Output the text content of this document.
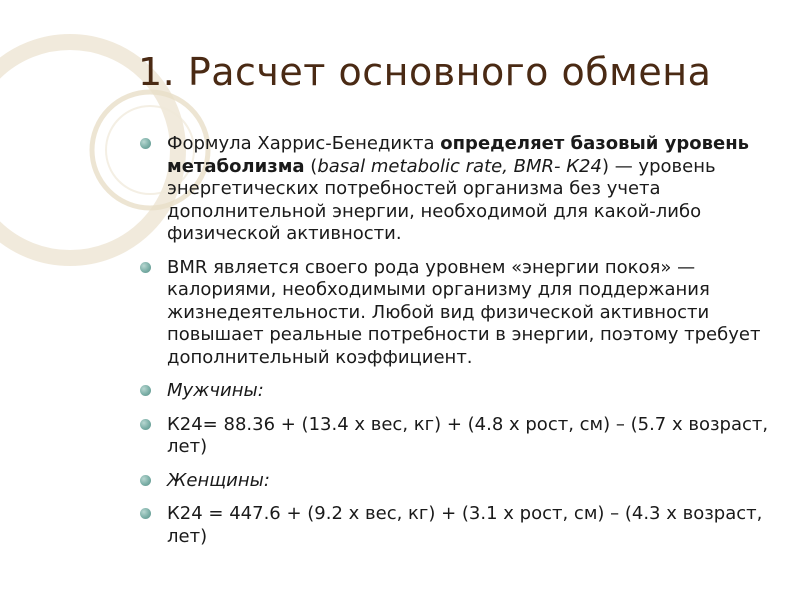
1. Расчет основного обмена
Формула Харрис-Бенедикта определяет базовый уровень метаболизма (basal metabolic rate, BMR- К24) — уровень энергетических потребностей организма без учета дополнительной энергии, необходимой для какой-либо физической активности.
BMR является своего рода уровнем «энергии покоя» — калориями, необходимыми организму для поддержания жизнедеятельности. Любой вид физической активности повышает реальные потребности в энергии, поэтому требует дополнительный коэффициент.
Мужчины:
К24= 88.36 + (13.4 x вес, кг) + (4.8 х рост, см) – (5.7 х возраст, лет)
Женщины:
К24 = 447.6 + (9.2 x вес, кг) + (3.1 х рост, см) – (4.3 х возраст, лет)
